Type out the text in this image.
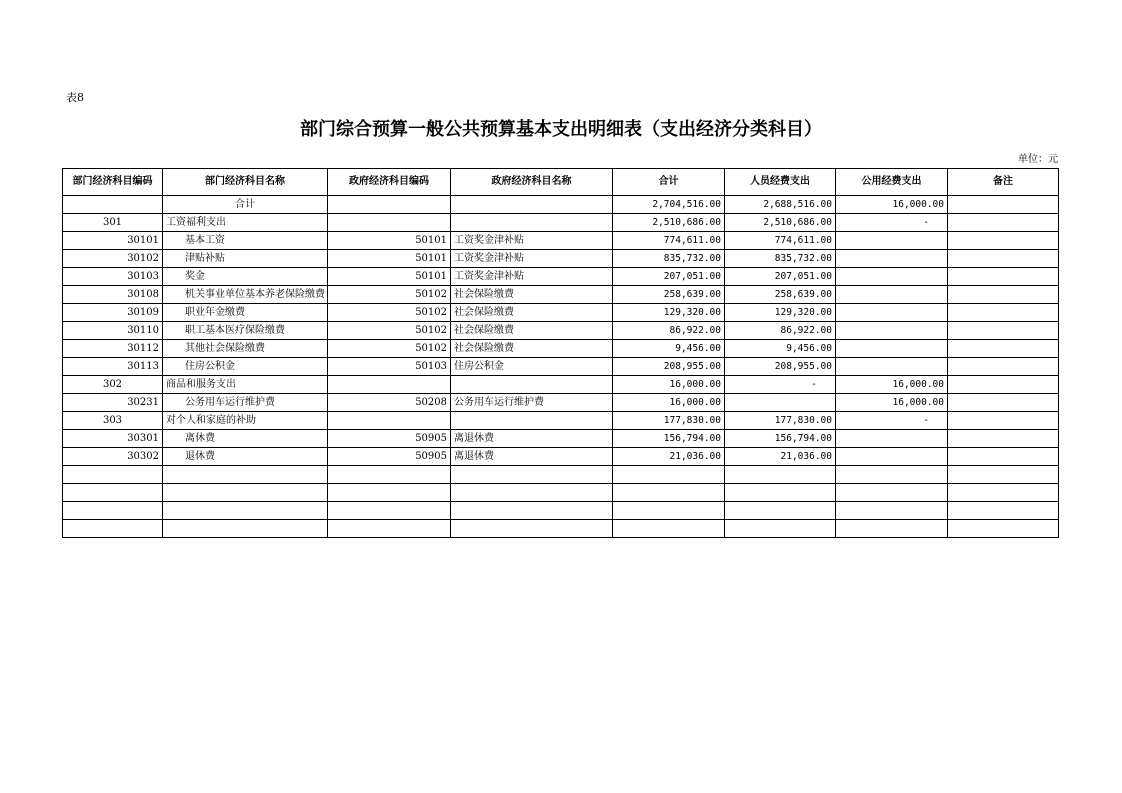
表8
部门综合预算一般公共预算基本支出明细表（支出经济分类科目）
单位：元
部门经济科目编码	部门经济科目名称	政府经济科目编码	政府经济科目名称	合计	人员经费支出	公用经费支出	备注
	合计			2,704,516.00	2,688,516.00	16,000.00	
301	工资福利支出			2,510,686.00	2,510,686.00	-	
30101	基本工资	50101	工资奖金津补贴	774,611.00	774,611.00		
30102	津贴补贴	50101	工资奖金津补贴	835,732.00	835,732.00		
30103	奖金	50101	工资奖金津补贴	207,051.00	207,051.00		
30108	机关事业单位基本养老保险缴费	50102	社会保险缴费	258,639.00	258,639.00		
30109	职业年金缴费	50102	社会保险缴费	129,320.00	129,320.00		
30110	职工基本医疗保险缴费	50102	社会保险缴费	86,922.00	86,922.00		
30112	其他社会保险缴费	50102	社会保险缴费	9,456.00	9,456.00		
30113	住房公积金	50103	住房公积金	208,955.00	208,955.00		
302	商品和服务支出			16,000.00	-	16,000.00	
30231	公务用车运行维护费	50208	公务用车运行维护费	16,000.00		16,000.00	
303	对个人和家庭的补助			177,830.00	177,830.00	-	
30301	离休费	50905	离退休费	156,794.00	156,794.00		
30302	退休费	50905	离退休费	21,036.00	21,036.00		
